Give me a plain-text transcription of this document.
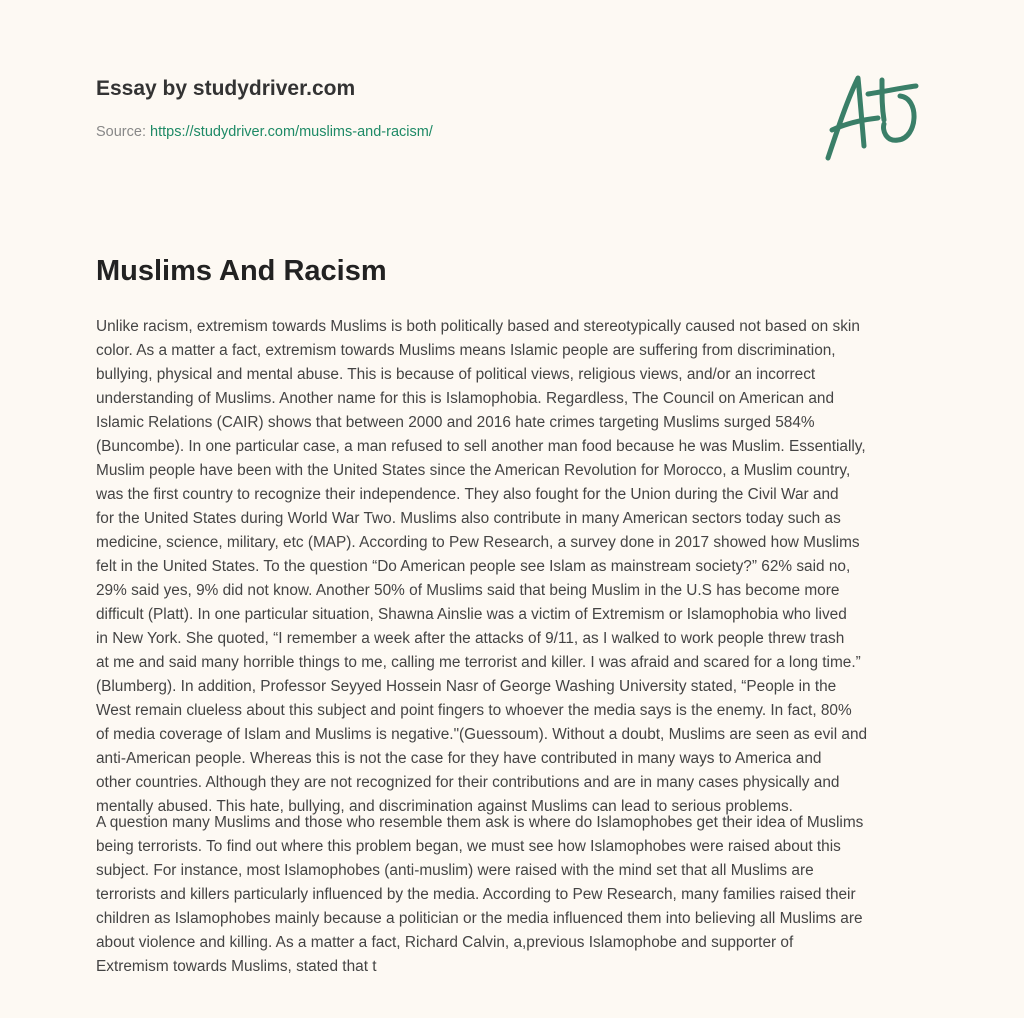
Essay by studydriver.com
Source: https://studydriver.com/muslims-and-racism/
Muslims And Racism
Unlike racism, extremism towards Muslims is both politically based and stereotypically caused not based on skin
color. As a matter a fact, extremism towards Muslims means Islamic people are suffering from discrimination,
bullying, physical and mental abuse. This is because of political views, religious views, and/or an incorrect
understanding of Muslims. Another name for this is Islamophobia. Regardless, The Council on American and
Islamic Relations (CAIR) shows that between 2000 and 2016 hate crimes targeting Muslims surged 584%
(Buncombe). In one particular case, a man refused to sell another man food because he was Muslim. Essentially,
Muslim people have been with the United States since the American Revolution for Morocco, a Muslim country,
was the first country to recognize their independence. They also fought for the Union during the Civil War and
for the United States during World War Two. Muslims also contribute in many American sectors today such as
medicine, science, military, etc (MAP). According to Pew Research, a survey done in 2017 showed how Muslims
felt in the United States. To the question “Do American people see Islam as mainstream society?” 62% said no,
29% said yes, 9% did not know. Another 50% of Muslims said that being Muslim in the U.S has become more
difficult (Platt). In one particular situation, Shawna Ainslie was a victim of Extremism or Islamophobia who lived
in New York. She quoted, “I remember a week after the attacks of 9/11, as I walked to work people threw trash
at me and said many horrible things to me, calling me terrorist and killer. I was afraid and scared for a long time.”
(Blumberg). In addition, Professor Seyyed Hossein Nasr of George Washing University stated, “People in the
West remain clueless about this subject and point fingers to whoever the media says is the enemy. In fact, 80%
of media coverage of Islam and Muslims is negative."(Guessoum). Without a doubt, Muslims are seen as evil and
anti-American people. Whereas this is not the case for they have contributed in many ways to America and
other countries. Although they are not recognized for their contributions and are in many cases physically and
mentally abused. This hate, bullying, and discrimination against Muslims can lead to serious problems.
A question many Muslims and those who resemble them ask is where do Islamophobes get their idea of Muslims
being terrorists. To find out where this problem began, we must see how Islamophobes were raised about this
subject. For instance, most Islamophobes (anti-muslim) were raised with the mind set that all Muslims are
terrorists and killers particularly influenced by the media. According to Pew Research, many families raised their
children as Islamophobes mainly because a politician or the media influenced them into believing all Muslims are
about violence and killing. As a matter a fact, Richard Calvin, a,previous Islamophobe and supporter of
Extremism towards Muslims, stated that t
